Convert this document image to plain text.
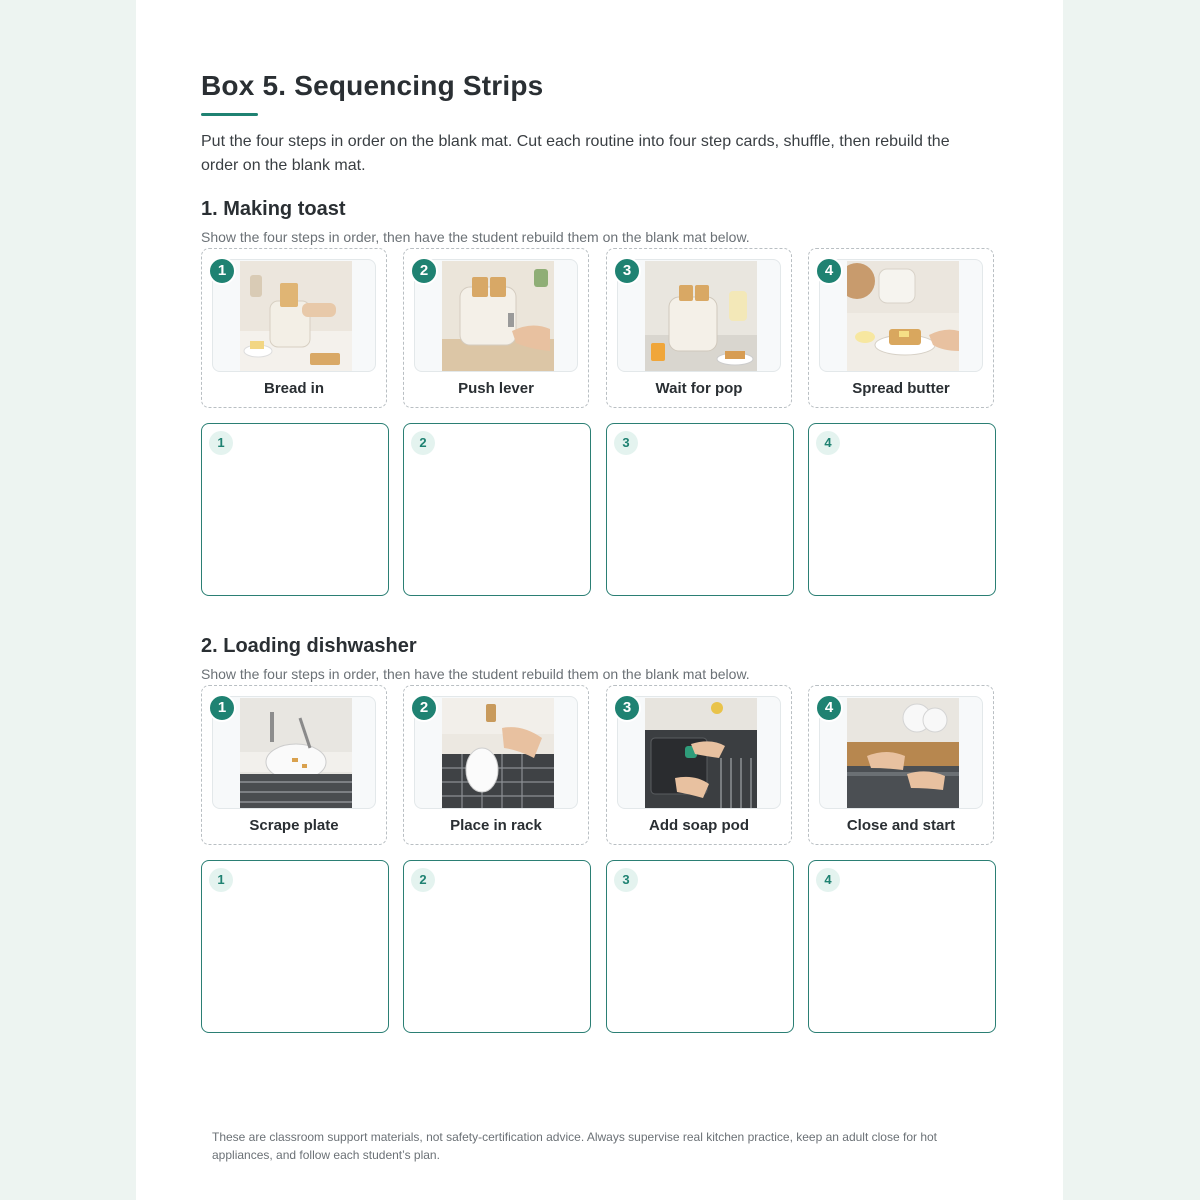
Box 5. Sequencing Strips

Put the four steps in order on the blank mat. Cut each routine into four step cards, shuffle, then rebuild the order on the blank mat.

1. Making toast

Show the four steps in order, then have the student rebuild them on the blank mat below.

1
Bread in
2
Push lever
3
Wait for pop
4
Spread butter
1	2	3	4
2. Loading dishwasher

Show the four steps in order, then have the student rebuild them on the blank mat below.

1
Scrape plate
2
Place in rack
3
Add soap pod
4
Close and start
1	2	3	4

These are classroom support materials, not safety-certification advice. Always supervise real kitchen practice, keep an adult close for hot appliances, and follow each student’s plan.
